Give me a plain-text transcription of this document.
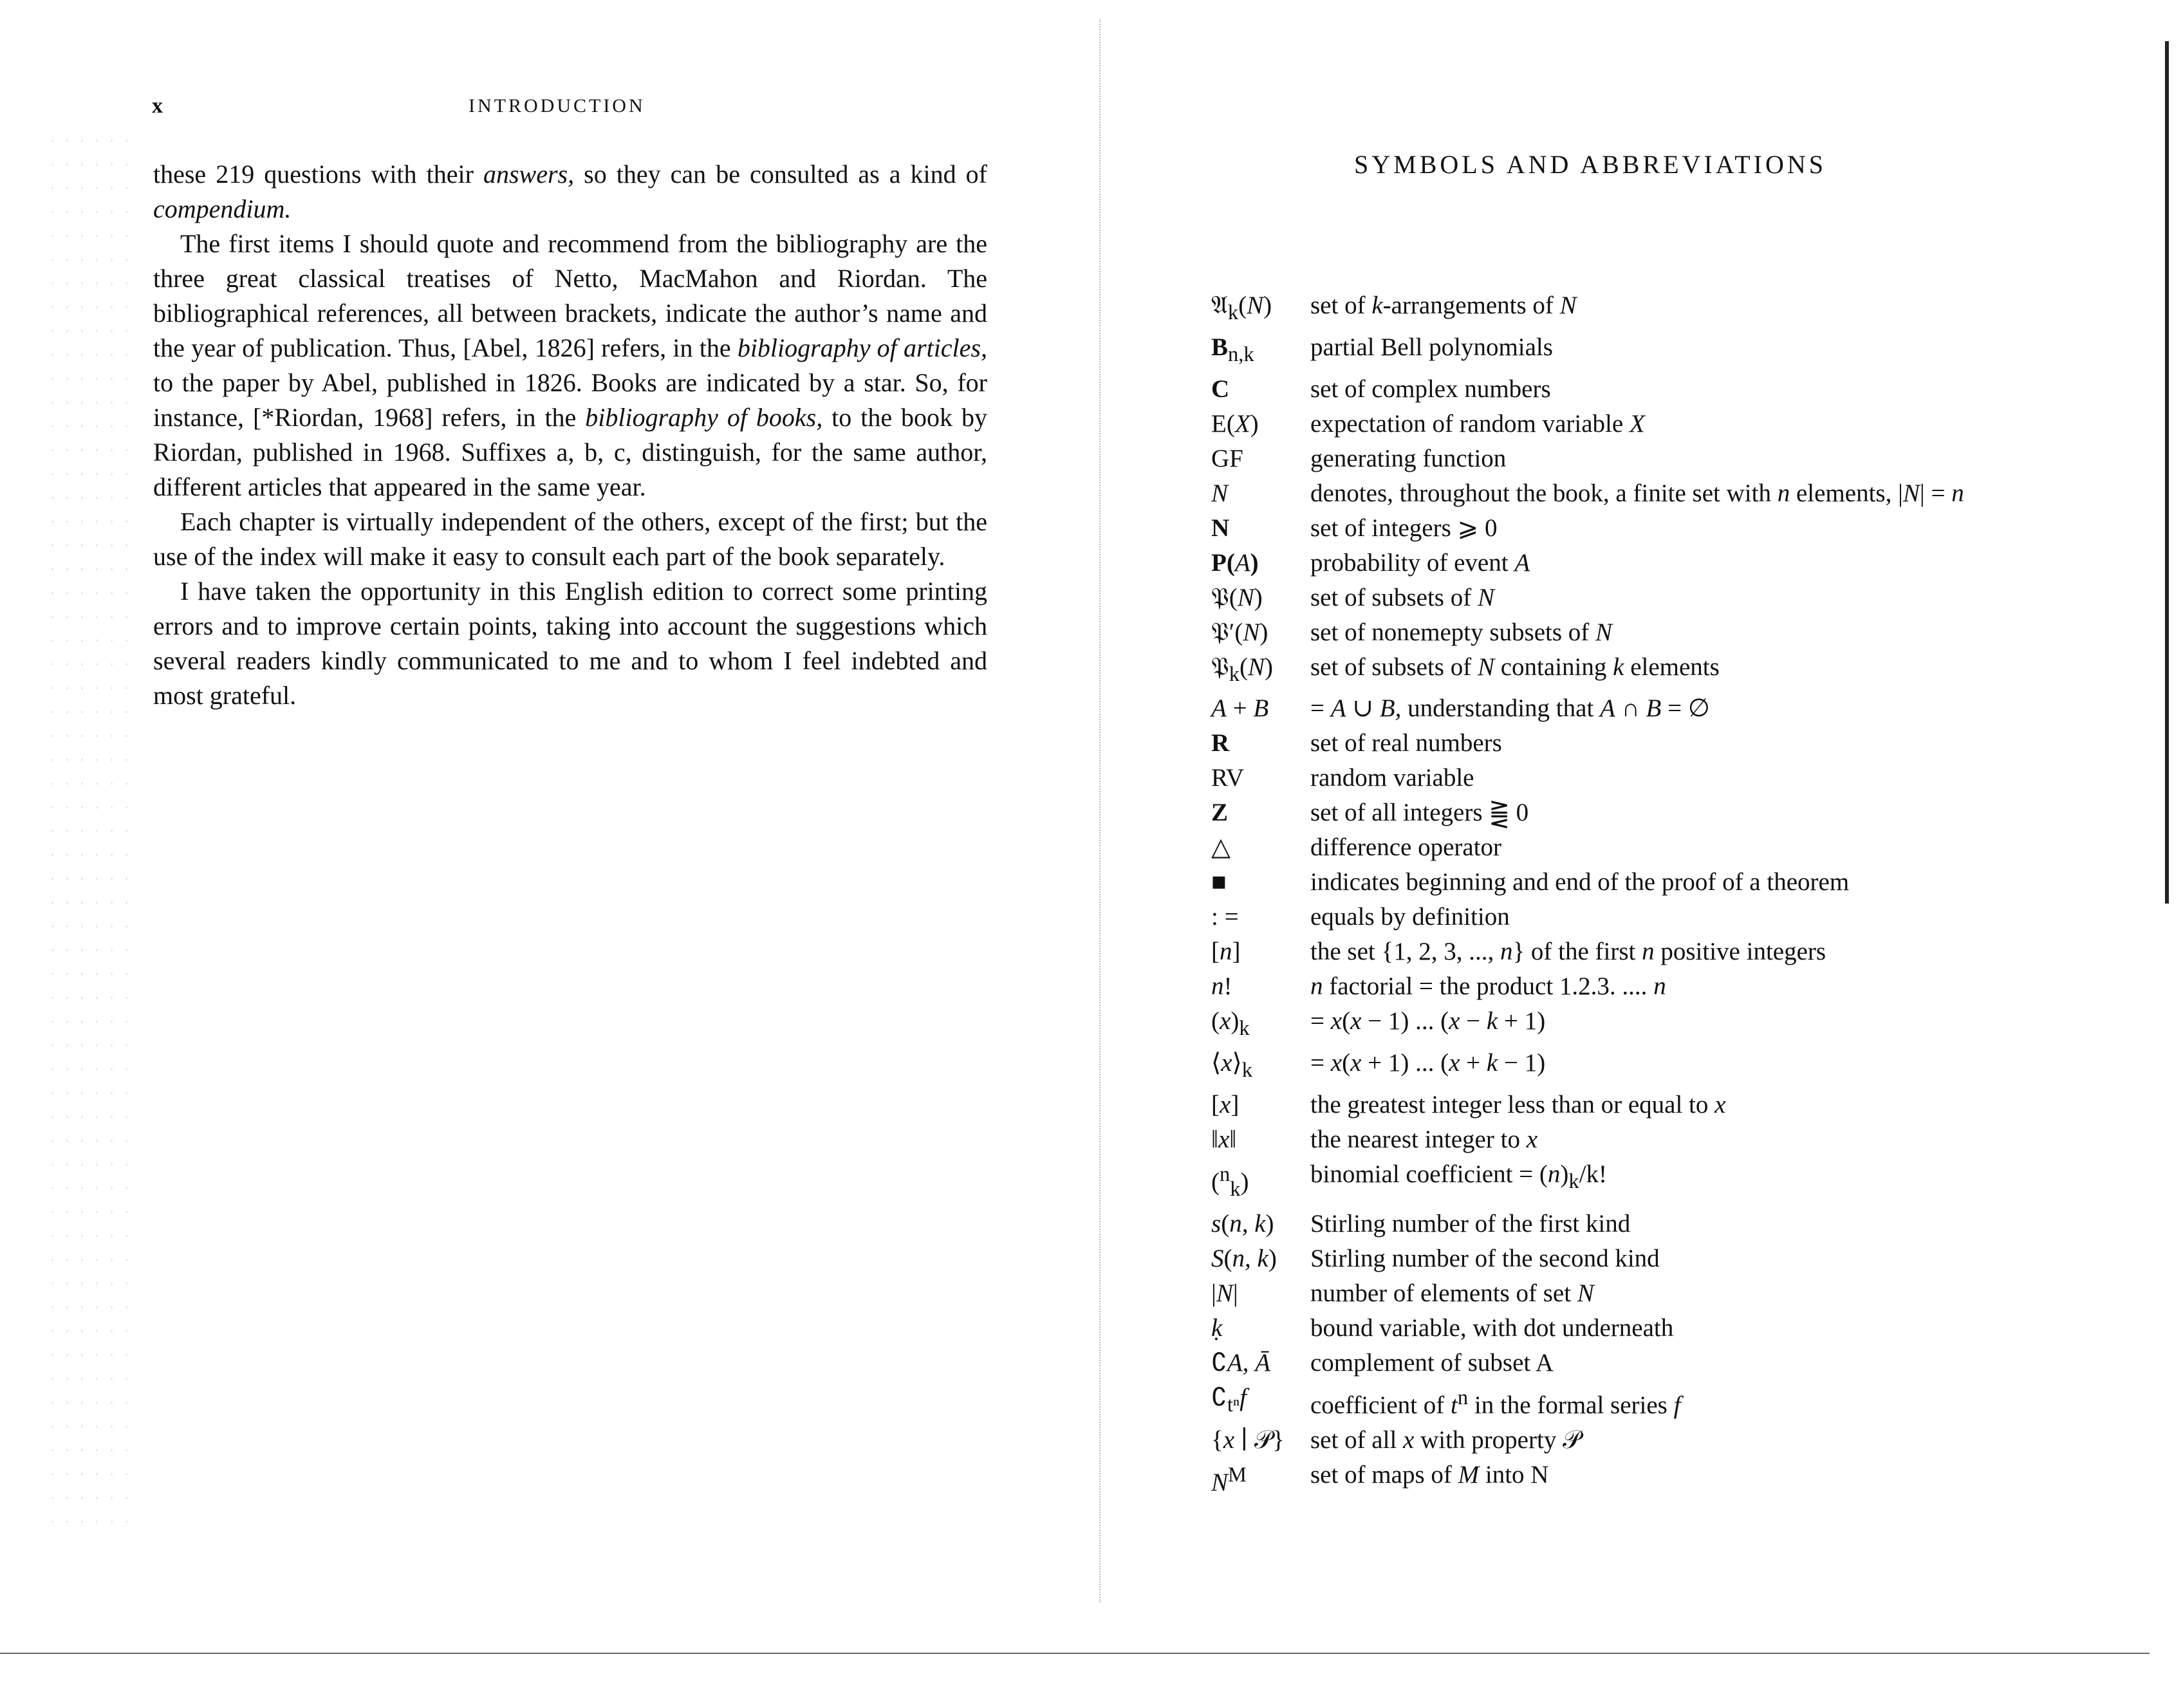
x	INTRODUCTION

these 219 questions with their answers, so they can be consulted as a kind of compendium.

The first items I should quote and recommend from the bibliography are the three great classical treatises of Netto, MacMahon and Riordan. The bibliographical references, all between brackets, indicate the author’s name and the year of publication. Thus, [Abel, 1826] refers, in the bibliography of articles, to the paper by Abel, published in 1826. Books are indicated by a star. So, for instance, [*Riordan, 1968] refers, in the bibliography of books, to the book by Riordan, published in 1968. Suffixes a, b, c, distinguish, for the same author, different articles that appeared in the same year.

Each chapter is virtually independent of the others, except of the first; but the use of the index will make it easy to consult each part of the book separately.

I have taken the opportunity in this English edition to correct some printing errors and to improve certain points, taking into account the suggestions which several readers kindly communicated to me and to whom I feel indebted and most grateful.

SYMBOLS AND ABBREVIATIONS
𝔄$_k$(N)	set of k-arrangements of N
$B_{n,k}$	partial Bell polynomials
C	set of complex numbers
E(X)	expectation of random variable X
GF	generating function
N	denotes, throughout the book, a finite set with n elements, |N| = n
N	set of integers ⩾ 0
P(A)	probability of event A
𝔓(N)	set of subsets of N
𝔓′(N)	set of nonemepty subsets of N
𝔓$_k$(N)	set of subsets of N containing k elements
A + B	= A ∪ B, understanding that A ∩ B = ∅
R	set of real numbers
RV	random variable
Z	set of all integers ⪌ 0
△	difference operator
■	indicates beginning and end of the proof of a theorem
: =	equals by definition
[n]	the set {1, 2, 3, ..., n} of the first n positive integers
n!	n factorial = the product 1.2.3. .... n
$(x)_k$	= x(x − 1) ... (x − k + 1)
$⟨x⟩_k$	= x(x + 1) ... (x + k − 1)
[x]	the greatest integer less than or equal to x
‖x‖	the nearest integer to x
($^n_k$)	binomial coefficient = $(n)_k/k$!
s(n, k)	Stirling number of the first kind
S(n, k)	Stirling number of the second kind
|N|	number of elements of set N
ḳ	bound variable, with dot underneath
∁A, Ā	complement of subset A
$∁_{t^n}f$	coefficient of $t^n$ in the formal series f
{x ∣ 𝒫}	set of all x with property 𝒫
$N^M$	set of maps of M into N
